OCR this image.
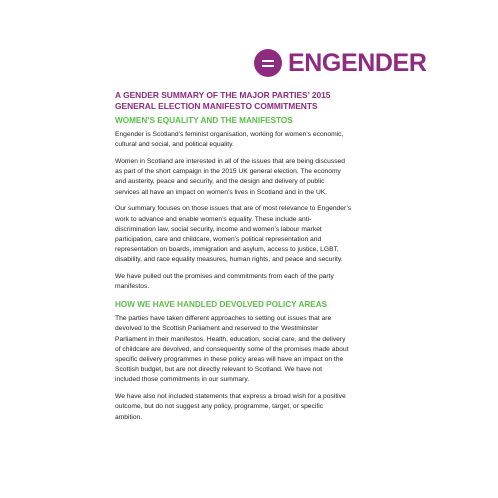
ENGENDER
A GENDER SUMMARY OF THE MAJOR PARTIES’ 2015
GENERAL ELECTION MANIFESTO COMMITMENTS
WOMEN’S EQUALITY AND THE MANIFESTOS
Engender is Scotland’s feminist organisation, working for women’s economic,
cultural and social, and political equality.
Women in Scotland are interested in all of the issues that are being discussed
as part of the short campaign in the 2015 UK general election. The economy
and austerity, peace and security, and the design and delivery of public
services all have an impact on women’s lives in Scotland and in the UK.
Our summary focuses on those issues that are of most relevance to Engender’s
work to advance and enable women’s equality. These include anti-
discrimination law, social security, income and women’s labour market
participation, care and childcare, women’s political representation and
representation on boards, immigration and asylum, access to justice, LGBT,
disability, and race equality measures, human rights, and peace and security.
We have pulled out the promises and commitments from each of the party
manifestos.
HOW WE HAVE HANDLED DEVOLVED POLICY AREAS
The parties have taken different approaches to setting out issues that are
devolved to the Scottish Parliament and reserved to the Westminster
Parliament in their manifestos. Health, education, social care, and the delivery
of childcare are devolved, and consequently some of the promises made about
specific delivery programmes in these policy areas will have an impact on the
Scottish budget, but are not directly relevant to Scotland. We have not
included those commitments in our summary.
We have also not included statements that express a broad wish for a positive
outcome, but do not suggest any policy, programme, target, or specific
ambition.
